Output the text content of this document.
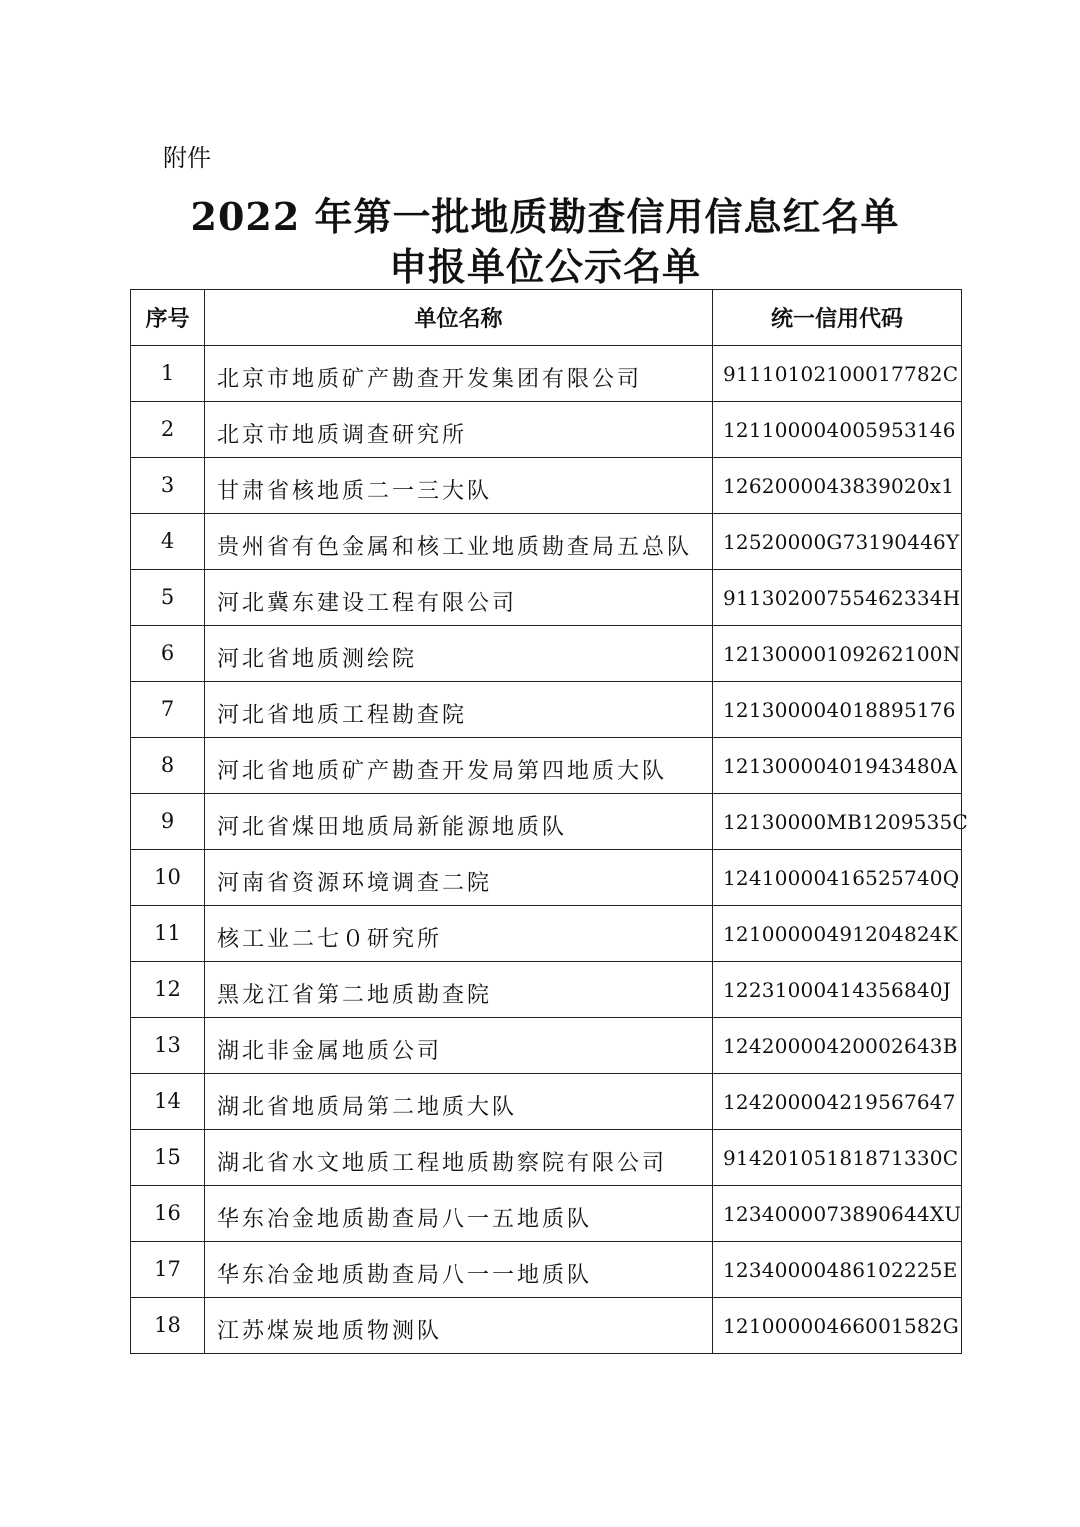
附件

2022 年第一批地质勘查信用信息红名单
申报单位公示名单
序号	单位名称	统一信用代码
1	北京市地质矿产勘查开发集团有限公司	91110102100017782C
2	北京市地质调查研究所	121100004005953146
3	甘肃省核地质二一三大队	1262000043839020x1
4	贵州省有色金属和核工业地质勘查局五总队	12520000G73190446Y
5	河北冀东建设工程有限公司	91130200755462334H
6	河北省地质测绘院	12130000109262100N
7	河北省地质工程勘查院	121300004018895176
8	河北省地质矿产勘查开发局第四地质大队	12130000401943480A
9	河北省煤田地质局新能源地质队	12130000MB1209535C
10	河南省资源环境调查二院	12410000416525740Q
11	核工业二七０研究所	12100000491204824K
12	黑龙江省第二地质勘查院	12231000414356840J
13	湖北非金属地质公司	12420000420002643B
14	湖北省地质局第二地质大队	124200004219567647
15	湖北省水文地质工程地质勘察院有限公司	91420105181871330C
16	华东冶金地质勘查局八一五地质队	1234000073890644XU
17	华东冶金地质勘查局八一一地质队	12340000486102225E
18	江苏煤炭地质物测队	12100000466001582G
